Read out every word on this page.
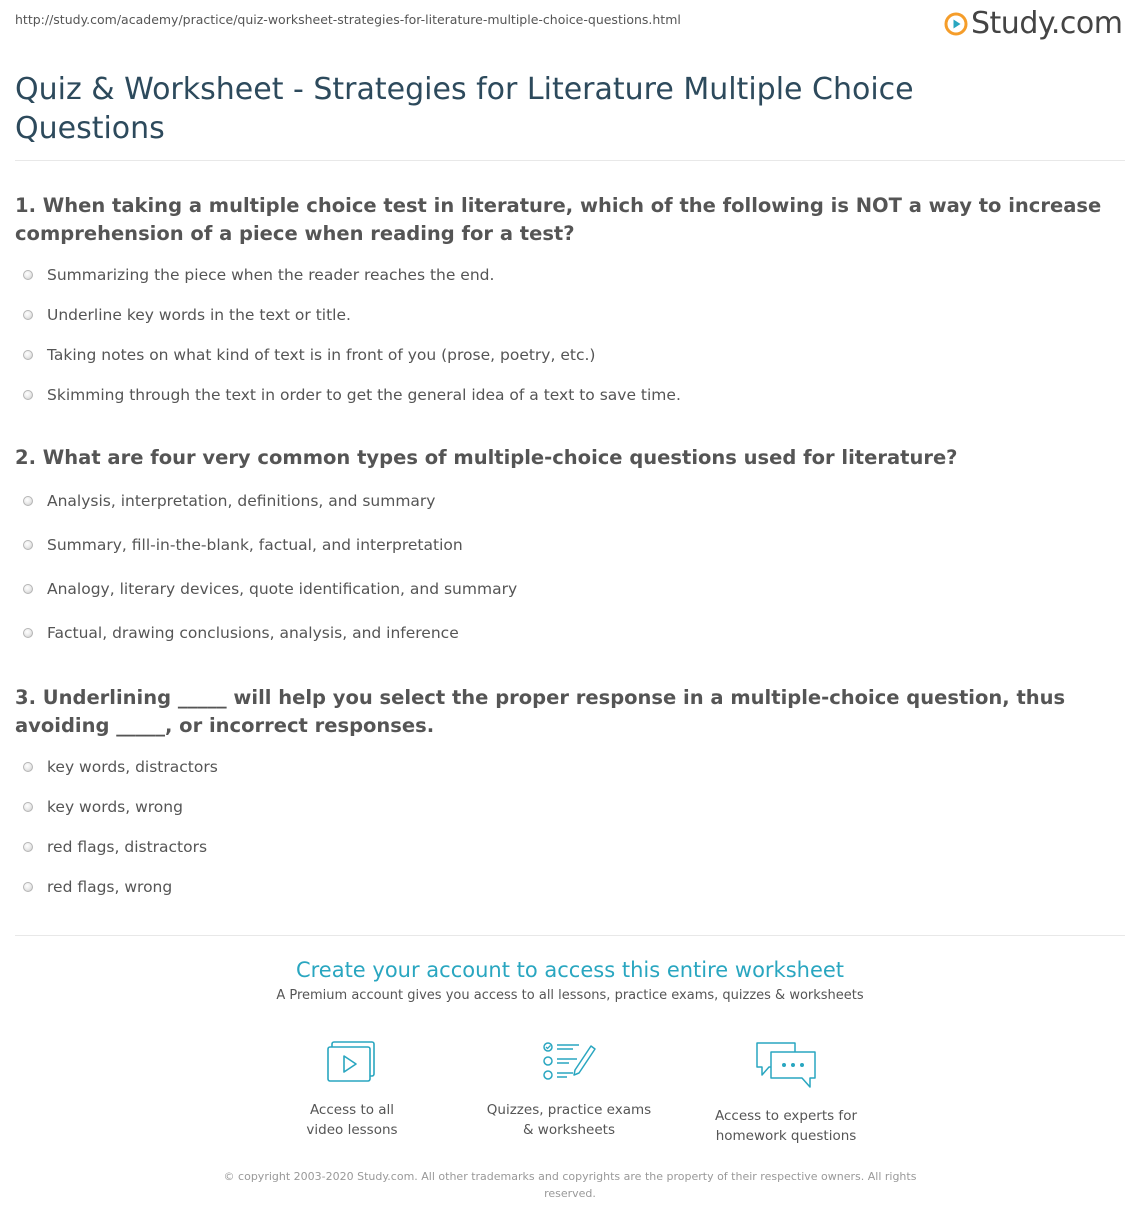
http://study.com/academy/practice/quiz-worksheet-strategies-for-literature-multiple-choice-questions.html	Study.com
Quiz & Worksheet - Strategies for Literature Multiple Choice Questions
1. When taking a multiple choice test in literature, which of the following is NOT a way to increase comprehension of a piece when reading for a test?
Summarizing the piece when the reader reaches the end.
Underline key words in the text or title.
Taking notes on what kind of text is in front of you (prose, poetry, etc.)
Skimming through the text in order to get the general idea of a text to save time.
2. What are four very common types of multiple-choice questions used for literature?
Analysis, interpretation, definitions, and summary
Summary, fill-in-the-blank, factual, and interpretation
Analogy, literary devices, quote identification, and summary
Factual, drawing conclusions, analysis, and inference
3. Underlining _____ will help you select the proper response in a multiple-choice question, thus avoiding _____, or incorrect responses.
key words, distractors
key words, wrong
red flags, distractors
red flags, wrong
Create your account to access this entire worksheet
A Premium account gives you access to all lessons, practice exams, quizzes & worksheets
Access to all
video lessons
Quizzes, practice exams
& worksheets
Access to experts for
homework questions
© copyright 2003-2020 Study.com. All other trademarks and copyrights are the property of their respective owners. All rights reserved.
